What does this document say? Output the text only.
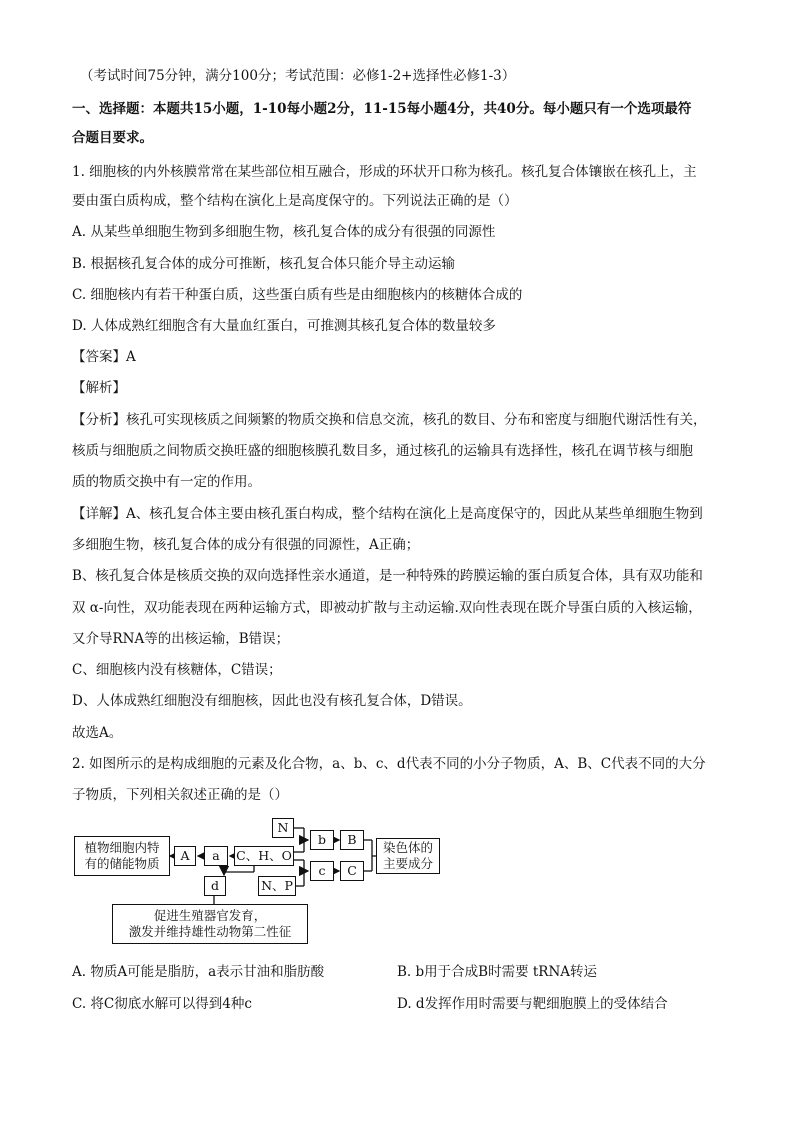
（考试时间75分钟，满分100分；考试范围：必修1-2+选择性必修1-3）
一、选择题：本题共15小题，1-10每小题2分，11-15每小题4分，共40分。每小题只有一个选项最符
合题目要求。
1. 细胞核的内外核膜常常在某些部位相互融合，形成的环状开口称为核孔。核孔复合体镶嵌在核孔上，主
要由蛋白质构成，整个结构在演化上是高度保守的。下列说法正确的是（）
A. 从某些单细胞生物到多细胞生物，核孔复合体的成分有很强的同源性
B. 根据核孔复合体的成分可推断，核孔复合体只能介导主动运输
C. 细胞核内有若干种蛋白质，这些蛋白质有些是由细胞核内的核糖体合成的
D. 人体成熟红细胞含有大量血红蛋白，可推测其核孔复合体的数量较多
【答案】A
【解析】
【分析】核孔可实现核质之间频繁的物质交换和信息交流，核孔的数目、分布和密度与细胞代谢活性有关，
核质与细胞质之间物质交换旺盛的细胞核膜孔数目多，通过核孔的运输具有选择性，核孔在调节核与细胞
质的物质交换中有一定的作用。
【详解】A、核孔复合体主要由核孔蛋白构成，整个结构在演化上是高度保守的，因此从某些单细胞生物到
多细胞生物，核孔复合体的成分有很强的同源性，A正确；
B、核孔复合体是核质交换的双向选择性亲水通道，是一种特殊的跨膜运输的蛋白质复合体，具有双功能和
双 α-向性，双功能表现在两种运输方式，即被动扩散与主动运输.双向性表现在既介导蛋白质的入核运输，
又介导RNA等的出核运输，B错误；
C、细胞核内没有核糖体，C错误；
D、人体成熟红细胞没有细胞核，因此也没有核孔复合体，D错误。
故选A。
2. 如图所示的是构成细胞的元素及化合物，a、b、c、d代表不同的小分子物质，A、B、C代表不同的大分
子物质，下列相关叙述正确的是（）
植物细胞内特
有的储能物质
A	a	C、H、O
N
b	B
N、P
c	C
d
染色体的
主要成分
促进生殖器官发育，
激发并维持雄性动物第二性征
A. 物质A可能是脂肪，a表示甘油和脂肪酸	B. b用于合成B时需要 tRNA转运
C. 将C彻底水解可以得到4种c	D. d发挥作用时需要与靶细胞膜上的受体结合
